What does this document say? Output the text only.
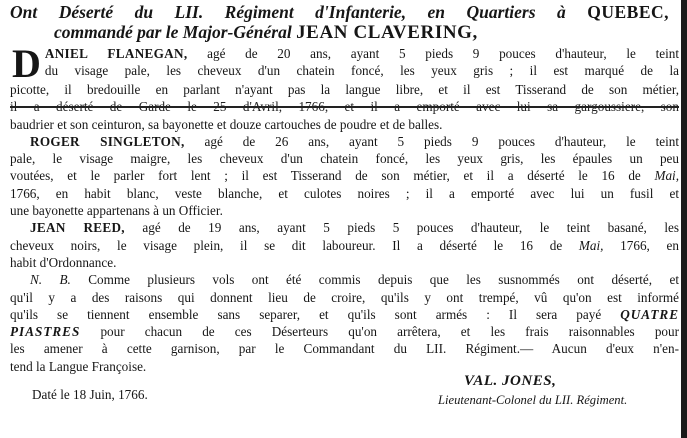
Ont Déserté du LII. Régiment d'Infanterie, en Quartiers à QUEBEC,
commandé par le Major-Général JEAN CLAVERING,
D ANIEL FLANEGAN, agé de 20 ans, ayant 5 pieds 9 pouces d'hauteur, le teint
du visage pale, les cheveux d'un chatein foncé, les yeux gris ; il est marqué de la
picotte, il bredouille en parlant n'ayant pas la langue libre, et il est Tisserand de son métier,
il a déserté de Garde le 25 d'Avril, 1766, et il a emporté avec lui sa gargoussiere, son
baudrier et son ceinturon, sa bayonette et douze cartouches de poudre et de balles.
ROGER SINGLETON, agé de 26 ans, ayant 5 pieds 9 pouces d'hauteur, le teint
pale, le visage maigre, les cheveux d'un chatein foncé, les yeux gris, les épaules un peu
voutées, et le parler fort lent ; il est Tisserand de son métier, et il a déserté le 16 de Mai,
1766, en habit blanc, veste blanche, et culotes noires ; il a emporté avec lui un fusil et
une bayonette appartenans à un Officier.
JEAN REED, agé de 19 ans, ayant 5 pieds 5 pouces d'hauteur, le teint basané, les
cheveux noirs, le visage plein, il se dit laboureur. Il a déserté le 16 de Mai, 1766, en
habit d'Ordonnance.
N. B. Comme plusieurs vols ont été commis depuis que les susnommés ont déserté, et
qu'il y a des raisons qui donnent lieu de croire, qu'ils y ont trempé, vû qu'on est informé
qu'ils se tiennent ensemble sans separer, et qu'ils sont armés : Il sera payé QUATRE
PIASTRES pour chacun de ces Déserteurs qu'on arrêtera, et les frais raisonnables pour
les amener à cette garnison, par le Commandant du LII. Régiment.— Aucun d'eux n'en-
tend la Langue Françoise.
Daté le 18 Juin, 1766.
VAL. JONES,
Lieutenant-Colonel du LII. Régiment.
